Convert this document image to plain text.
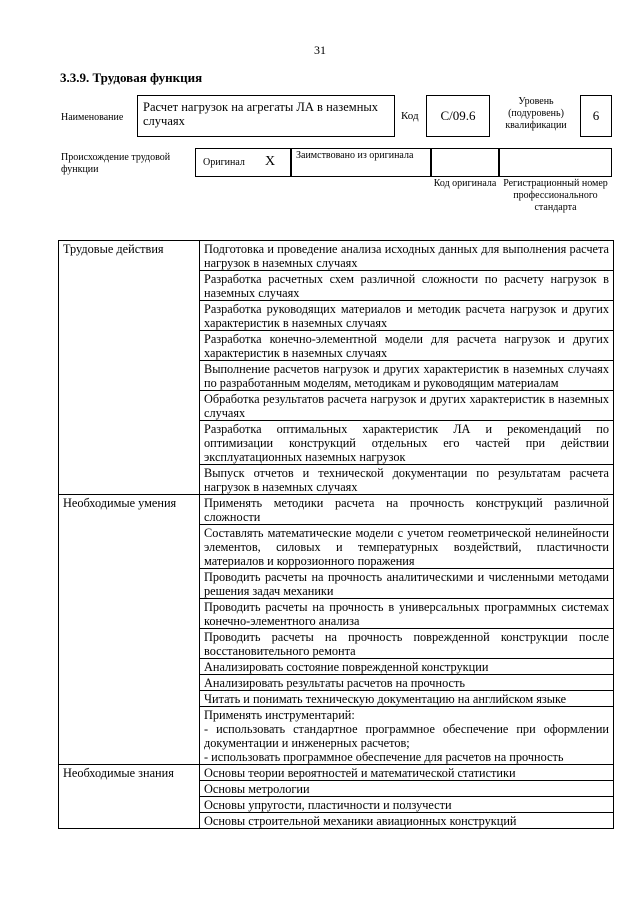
31
3.3.9. Трудовая функция
Наименование
Расчет нагрузок на агрегаты ЛА в наземных случаях	Код	C/09.6
Уровень (подуровень) квалификации
6
Происхождение трудовой функции
Оригинал X Заимствовано из оригинала
Код оригинала Регистрационный номер профессионального стандарта
Трудовые действия	Подготовка и проведение анализа исходных данных для выполнения расчета нагрузок в наземных случаях
	Разработка расчетных схем различной сложности по расчету нагрузок в наземных случаях
	Разработка руководящих материалов и методик расчета нагрузок и других характеристик в наземных случаях
	Разработка конечно-элементной модели для расчета нагрузок и других характеристик в наземных случаях
	Выполнение расчетов нагрузок и других характеристик в наземных случаях по разработанным моделям, методикам и руководящим материалам
	Обработка результатов расчета нагрузок и других характеристик в наземных случаях
	Разработка оптимальных характеристик ЛА и рекомендаций по оптимизации конструкций отдельных его частей при действии эксплуатационных наземных нагрузок
	Выпуск отчетов и технической документации по результатам расчета нагрузок в наземных случаях
Необходимые умения	Применять методики расчета на прочность конструкций различной сложности
	Составлять математические модели с учетом геометрической нелинейности элементов, силовых и температурных воздействий, пластичности материалов и коррозионного поражения
	Проводить расчеты на прочность аналитическими и численными методами решения задач механики
	Проводить расчеты на прочность в универсальных программных системах конечно-элементного анализа
	Проводить расчеты на прочность поврежденной конструкции после восстановительного ремонта
	Анализировать состояние поврежденной конструкции
	Анализировать результаты расчетов на прочность
	Читать и понимать техническую документацию на английском языке

	Применять инструментарий:
- использовать стандартное программное обеспечение при оформлении документации и инженерных расчетов;
- использовать программное обеспечение для расчетов на прочность

Необходимые знания	Основы теории вероятностей и математической статистики
	Основы метрологии
	Основы упругости, пластичности и ползучести
	Основы строительной механики авиационных конструкций
